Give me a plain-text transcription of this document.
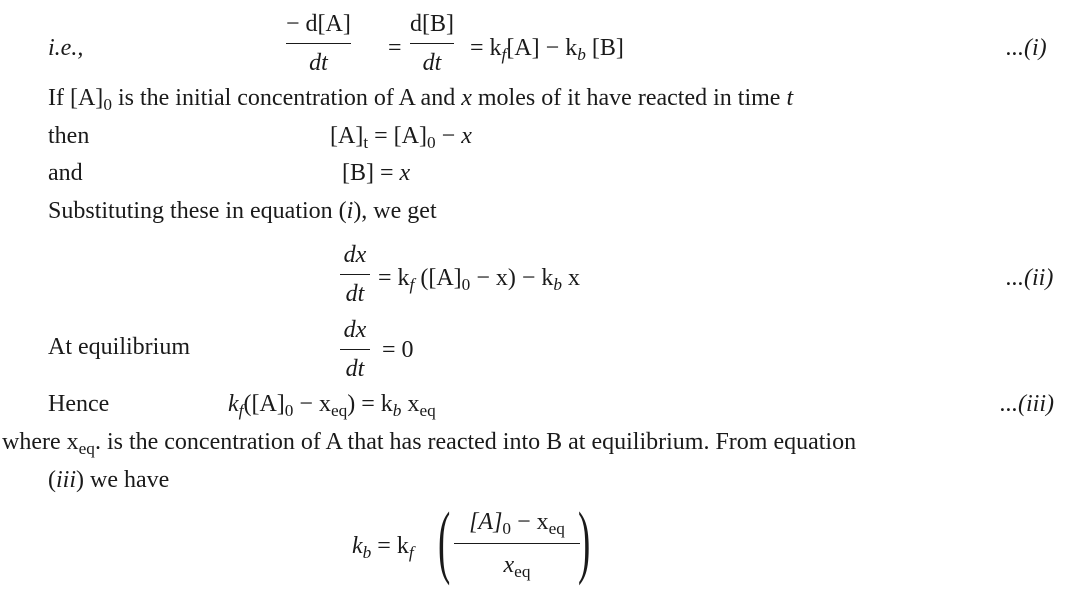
i.e.,
− d[A]
dt
=
d[B]
dt
= $k_f[A] - k_b$ [B]	...(i)
If $[A]_0$ is the initial concentration of A and x moles of it have reacted in time t
then	$[A]_t = [A]_0 - x$
and	[B] = x
Substituting these in equation (i), we get
dx
dt
= $k_f$ $([A]_0 - x) - k_b$ x	...(ii)
At equilibrium
dx
dt
= 0
Hence	$k_f([A]_0 - x_{eq}) = k_b$ $x_{eq}$	...(iii)
where $x_{eq}$. is the concentration of A that has reacted into B at equilibrium. From equation
(iii) we have
$k_b = k_f$ ( $[A]_0 - x_{eq}$
$x_{eq}$ )
